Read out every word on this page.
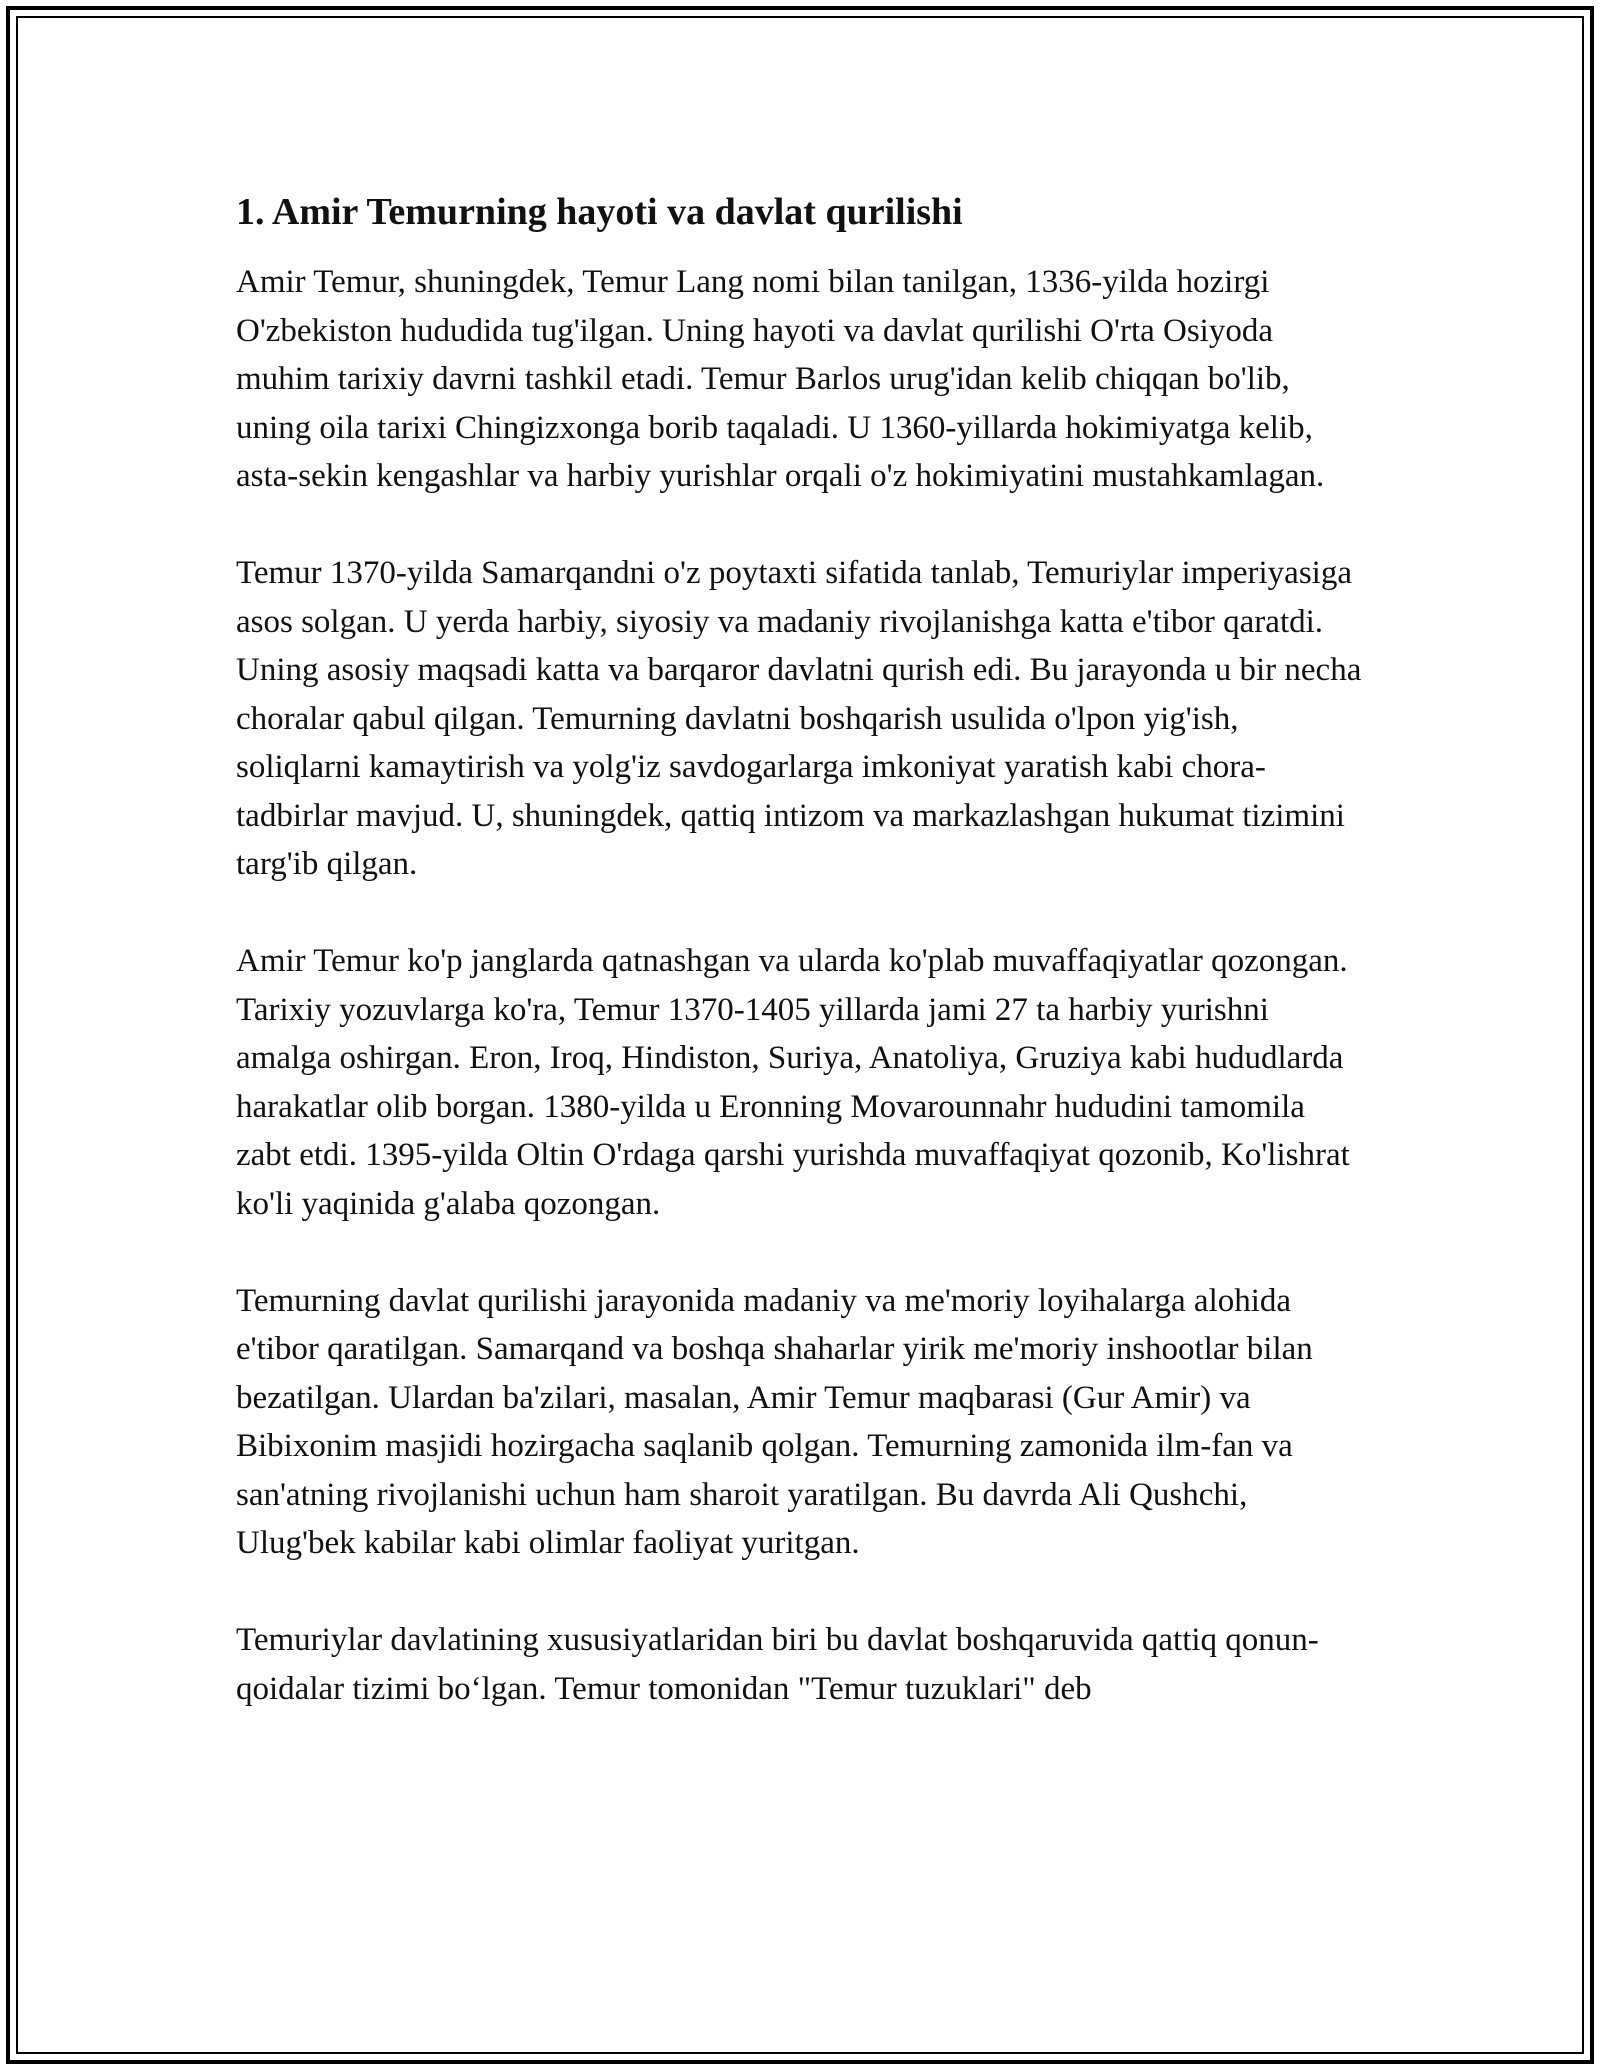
1. Amir Temurning hayoti va davlat qurilishi

Amir Temur, shuningdek, Temur Lang nomi bilan tanilgan, 1336-yilda hozirgi O'zbekiston hududida tug'ilgan. Uning hayoti va davlat qurilishi O'rta Osiyoda muhim tarixiy davrni tashkil etadi. Temur Barlos urug'idan kelib chiqqan bo'lib, uning oila tarixi Chingizxonga borib taqaladi. U 1360-yillarda hokimiyatga kelib, asta-sekin kengashlar va harbiy yurishlar orqali o'z hokimiyatini mustahkamlagan.

Temur 1370-yilda Samarqandni o'z poytaxti sifatida tanlab, Temuriylar imperiyasiga asos solgan. U yerda harbiy, siyosiy va madaniy rivojlanishga katta e'tibor qaratdi. Uning asosiy maqsadi katta va barqaror davlatni qurish edi. Bu jarayonda u bir necha choralar qabul qilgan. Temurning davlatni boshqarish usulida o'lpon yig'ish, soliqlarni kamaytirish va yolg'iz savdogarlarga imkoniyat yaratish kabi chora-tadbirlar mavjud. U, shuningdek, qattiq intizom va markazlashgan hukumat tizimini targ'ib qilgan.

Amir Temur ko'p janglarda qatnashgan va ularda ko'plab muvaffaqiyatlar qozongan. Tarixiy yozuvlarga ko'ra, Temur 1370-1405 yillarda jami 27 ta harbiy yurishni amalga oshirgan. Eron, Iroq, Hindiston, Suriya, Anatoliya, Gruziya kabi hududlarda harakatlar olib borgan. 1380-yilda u Eronning Movarounnahr hududini tamomila zabt etdi. 1395-yilda Oltin O'rdaga qarshi yurishda muvaffaqiyat qozonib, Ko'lishrat ko'li yaqinida g'alaba qozongan.

Temurning davlat qurilishi jarayonida madaniy va me'moriy loyihalarga alohida e'tibor qaratilgan. Samarqand va boshqa shaharlar yirik me'moriy inshootlar bilan bezatilgan. Ulardan ba'zilari, masalan, Amir Temur maqbarasi (Gur Amir) va Bibixonim masjidi hozirgacha saqlanib qolgan. Temurning zamonida ilm-fan va san'atning rivojlanishi uchun ham sharoit yaratilgan. Bu davrda Ali Qushchi, Ulug'bek kabilar kabi olimlar faoliyat yuritgan.

Temuriylar davlatining xususiyatlaridan biri bu davlat boshqaruvida qattiq qonun-qoidalar tizimi bo‘lgan. Temur tomonidan "Temur tuzuklari" deb
